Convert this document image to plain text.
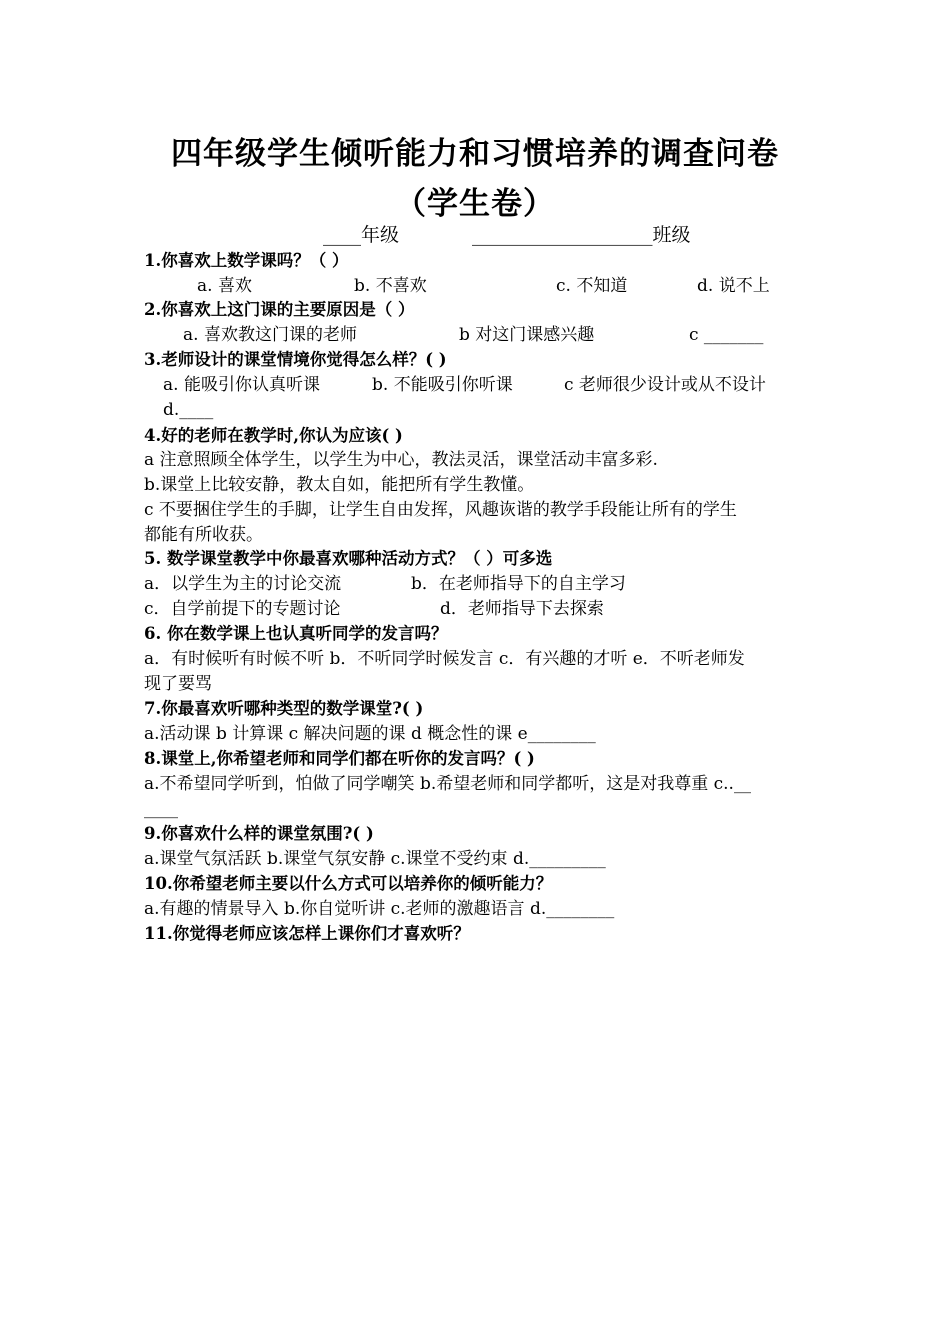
四年级学生倾听能力和习惯培养的调查问卷
（学生卷）
____年级	___________________班级
1.你喜欢上数学课吗？（ ）
a. 喜欢	b. 不喜欢	c. 不知道	d. 说不上
2.你喜欢上这门课的主要原因是（ ）
a. 喜欢教这门课的老师	b 对这门课感兴趣	c _______
3.老师设计的课堂情境你觉得怎么样？( )
a. 能吸引你认真听课	b. 不能吸引你听课	c 老师很少设计或从不设计
d.____
4.好的老师在教学时,你认为应该( )
a 注意照顾全体学生，以学生为中心，教法灵活，课堂活动丰富多彩.
b.课堂上比较安静，教太自如，能把所有学生教懂。
c 不要捆住学生的手脚，让学生自由发挥，风趣诙谐的教学手段能让所有的学生
都能有所收获。
5. 数学课堂教学中你最喜欢哪种活动方式？（ ）可多选
a．以学生为主的讨论交流	b．在老师指导下的自主学习
c．自学前提下的专题讨论	d．老师指导下去探索
6. 你在数学课上也认真听同学的发言吗？
a．有时候听有时候不听 b．不听同学时候发言 c．有兴趣的才听 e．不听老师发
现了要骂
7.你最喜欢听哪种类型的数学课堂?( )
a.活动课 b 计算课 c 解决问题的课 d 概念性的课 e________
8.课堂上,你希望老师和同学们都在听你的发言吗？( )
a.不希望同学听到，怕做了同学嘲笑 b.希望老师和同学都听，这是对我尊重 c..__
____
9.你喜欢什么样的课堂氛围?( )
a.课堂气氛活跃 b.课堂气氛安静 c.课堂不受约束 d._________
10.你希望老师主要以什么方式可以培养你的倾听能力？
a.有趣的情景导入 b.你自觉听讲 c.老师的激趣语言 d.________
11.你觉得老师应该怎样上课你们才喜欢听？
